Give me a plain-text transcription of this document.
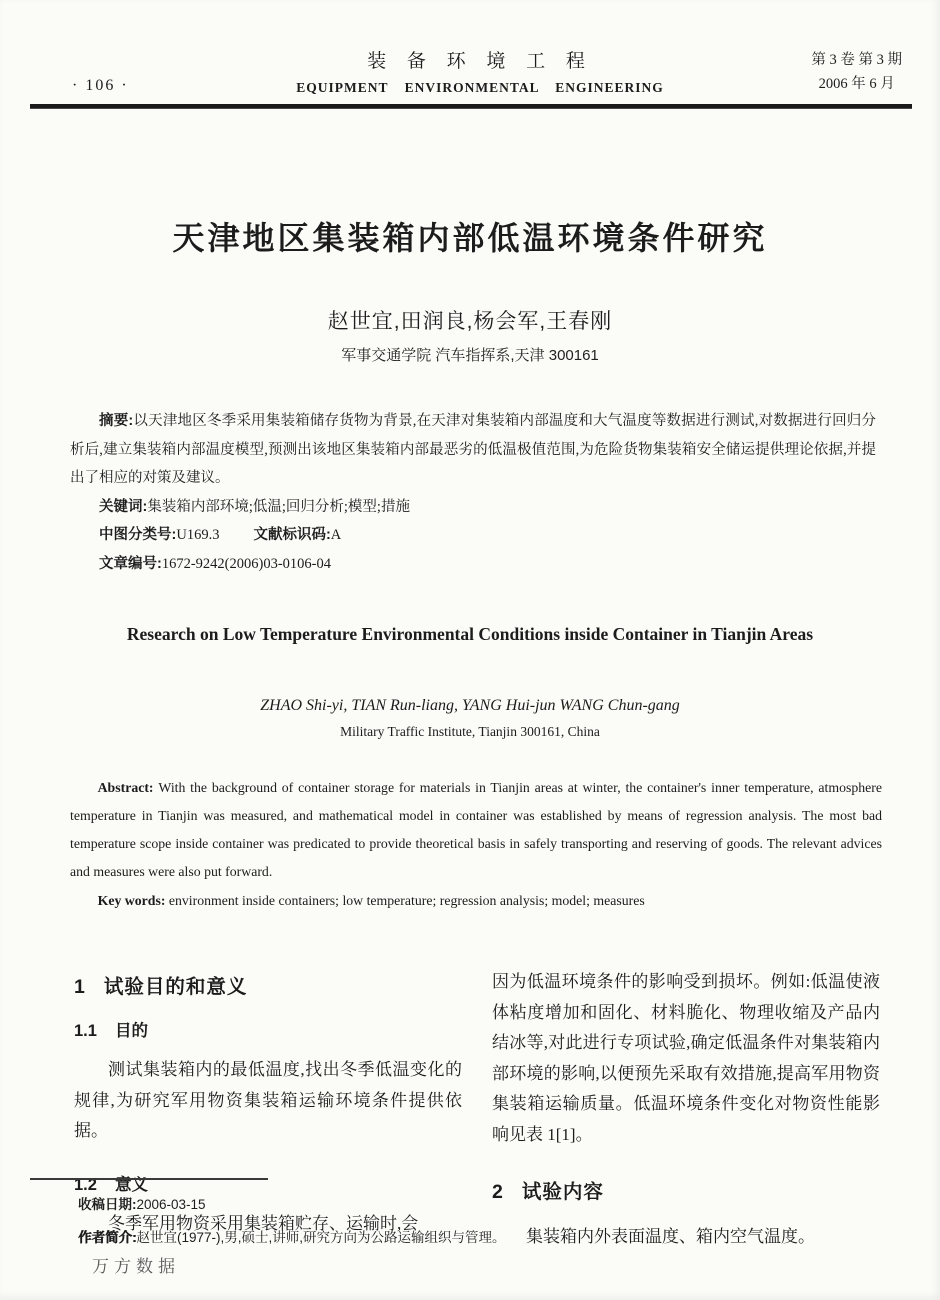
· 106 ·
装 备 环 境 工 程
EQUIPMENT ENVIRONMENTAL ENGINEERING
第 3 卷 第 3 期
2006 年 6 月
天津地区集装箱内部低温环境条件研究
赵世宜,田润良,杨会军,王春刚
军事交通学院 汽车指挥系,天津 300161

摘要:以天津地区冬季采用集装箱储存货物为背景,在天津对集装箱内部温度和大气温度等数据进行测试,对数据进行回归分析后,建立集装箱内部温度模型,预测出该地区集装箱内部最恶劣的低温极值范围,为危险货物集装箱安全储运提供理论依据,并提出了相应的对策及建议。

关键词:集装箱内部环境;低温;回归分析;模型;措施

中图分类号:U169.3 文献标识码:A

文章编号:1672-9242(2006)03-0106-04

Research on Low Temperature Environmental Conditions inside Container in Tianjin Areas
ZHAO Shi-yi, TIAN Run-liang, YANG Hui-jun WANG Chun-gang
Military Traffic Institute, Tianjin 300161, China

Abstract: With the background of container storage for materials in Tianjin areas at winter, the container's inner temperature, atmosphere temperature in Tianjin was measured, and mathematical model in container was established by means of regression analysis. The most bad temperature scope inside container was predicated to provide theoretical basis in safely transporting and reserving of goods. The relevant advices and measures were also put forward.

Key words: environment inside containers; low temperature; regression analysis; model; measures

1 试验目的和意义
1.1 目的

测试集装箱内的最低温度,找出冬季低温变化的规律,为研究军用物资集装箱运输环境条件提供依据。

1.2 意义

冬季军用物资采用集装箱贮存、运输时,会

因为低温环境条件的影响受到损坏。例如:低温使液体粘度增加和固化、材料脆化、物理收缩及产品内结冰等,对此进行专项试验,确定低温条件对集装箱内部环境的影响,以便预先采取有效措施,提高军用物资集装箱运输质量。低温环境条件变化对物资性能影响见表 1[1]。

2 试验内容

集装箱内外表面温度、箱内空气温度。

收稿日期:2006-03-15

作者简介:赵世宜(1977-),男,硕士,讲师,研究方向为公路运输组织与管理。

万方数据
